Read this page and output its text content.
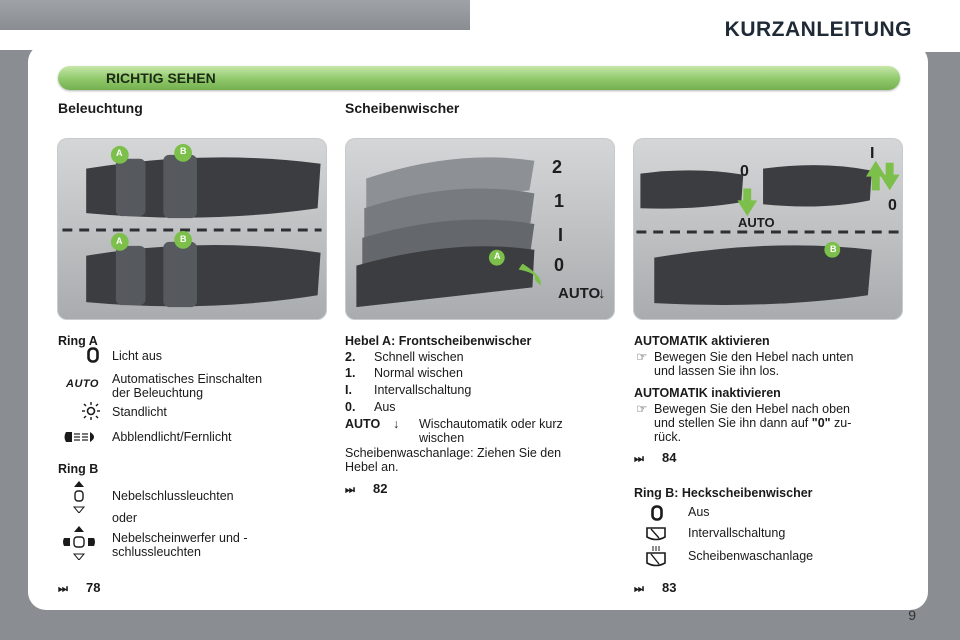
KURZANLEITUNG
9
RICHTIG SEHEN
Beleuchtung	Scheibenwischer
A	B
A	B
A
2
1
I
0
AUTO
↓
0
AUTO
I
0
B
Ring A
Licht aus
AUTO Automatisches Einschalten
der Beleuchtung
Standlicht
Abblendlicht/Fernlicht
Ring B
Nebelschlussleuchten
oder
Nebelscheinwerfer und -
schlussleuchten
⏭ 78
Hebel A: Frontscheibenwischer
2. Schnell wischen
1. Normal wischen
I. Intervallschaltung
0. Aus
AUTO ↓ Wischautomatik oder kurz
wischen
Scheibenwaschanlage: Ziehen Sie den
Hebel an.
⏭ 82
AUTOMATIK aktivieren
☞ Bewegen Sie den Hebel nach unten
und lassen Sie ihn los.
AUTOMATIK inaktivieren
☞ Bewegen Sie den Hebel nach oben
und stellen Sie ihn dann auf "0" zu-
rück.
⏭ 84
Ring B: Heckscheibenwischer
Aus
Intervallschaltung
Scheibenwaschanlage
⏭ 83
